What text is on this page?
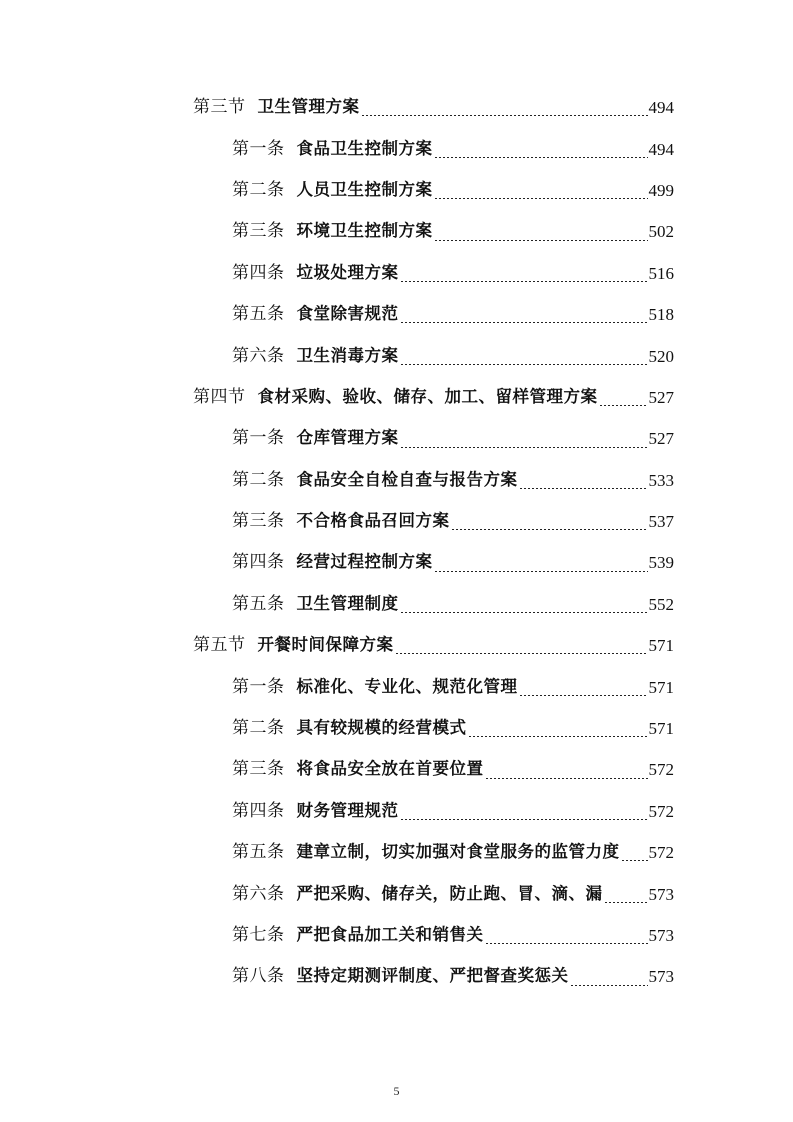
第三节 卫生管理方案	494
第一条 食品卫生控制方案	494
第二条 人员卫生控制方案	499
第三条 环境卫生控制方案	502
第四条 垃圾处理方案	516
第五条 食堂除害规范	518
第六条 卫生消毒方案	520
第四节 食材采购、验收、储存、加工、留样管理方案	527
第一条 仓库管理方案	527
第二条 食品安全自检自查与报告方案	533
第三条 不合格食品召回方案	537
第四条 经营过程控制方案	539
第五条 卫生管理制度	552
第五节 开餐时间保障方案	571
第一条 标准化、专业化、规范化管理	571
第二条 具有较规模的经营模式	571
第三条 将食品安全放在首要位置	572
第四条 财务管理规范	572
第五条 建章立制，切实加强对食堂服务的监管力度 572
第六条 严把采购、储存关，防止跑、冒、滴、漏	573
第七条 严把食品加工关和销售关	573
第八条 坚持定期测评制度、严把督查奖惩关	573
5
